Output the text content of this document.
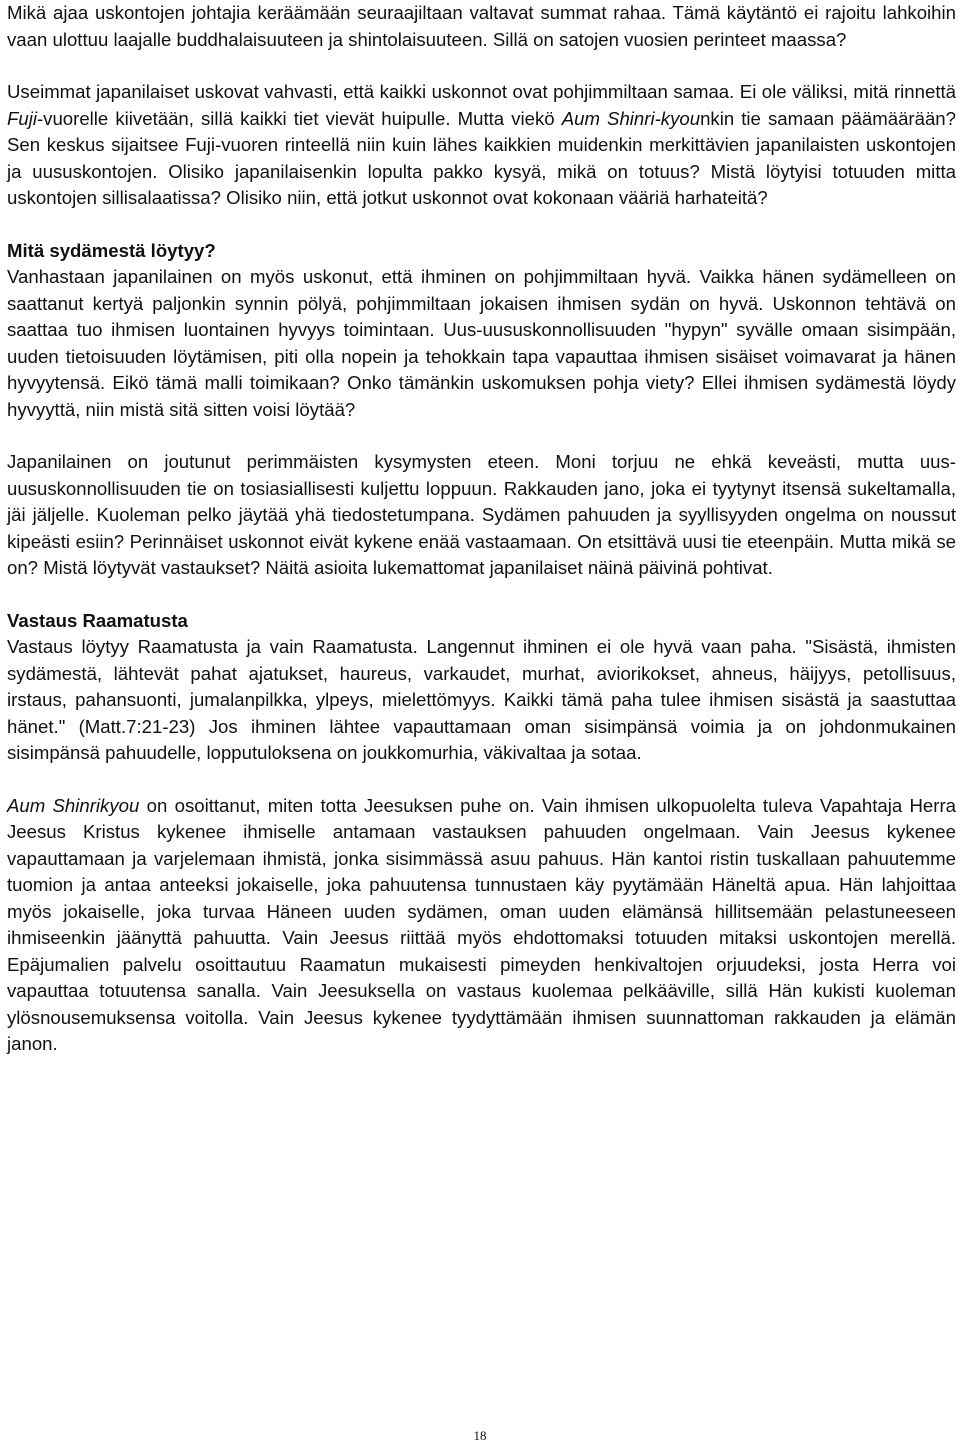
Mikä ajaa uskontojen johtajia keräämään seuraajiltaan valtavat summat rahaa. Tämä käytäntö ei rajoitu lahkoihin vaan ulottuu laajalle buddhalaisuuteen ja shintolaisuuteen. Sillä on satojen vuosien perinteet maassa?

Useimmat japanilaiset uskovat vahvasti, että kaikki uskonnot ovat pohjimmiltaan samaa. Ei ole väliksi, mitä rinnettä Fuji-vuorelle kiivetään, sillä kaikki tiet vievät huipulle. Mutta viekö Aum Shinri-kyounkin tie samaan päämäärään? Sen keskus sijaitsee Fuji-vuoren rinteellä niin kuin lähes kaikkien muidenkin merkittävien japanilaisten uskontojen ja uususkontojen. Olisiko japanilaisenkin lopulta pakko kysyä, mikä on totuus? Mistä löytyisi totuuden mitta uskontojen sillisalaatissa? Olisiko niin, että jotkut uskonnot ovat kokonaan vääriä harhateitä?

Mitä sydämestä löytyy?

Vanhastaan japanilainen on myös uskonut, että ihminen on pohjimmiltaan hyvä. Vaikka hänen sydämelleen on saattanut kertyä paljonkin synnin pölyä, pohjimmiltaan jokaisen ihmisen sydän on hyvä. Uskonnon tehtävä on saattaa tuo ihmisen luontainen hyvyys toimintaan. Uus-uususkonnollisuuden "hypyn" syvälle omaan sisimpään, uuden tietoisuuden löytämisen, piti olla nopein ja tehokkain tapa vapauttaa ihmisen sisäiset voimavarat ja hänen hyvyytensä. Eikö tämä malli toimikaan? Onko tämänkin uskomuksen pohja viety? Ellei ihmisen sydämestä löydy hyvyyttä, niin mistä sitä sitten voisi löytää?

Japanilainen on joutunut perimmäisten kysymysten eteen. Moni torjuu ne ehkä keveästi, mutta uus-uususkonnollisuuden tie on tosiasiallisesti kuljettu loppuun. Rakkauden jano, joka ei tyytynyt itsensä sukeltamalla, jäi jäljelle. Kuoleman pelko jäytää yhä tiedostetumpana. Sydämen pahuuden ja syyllisyyden ongelma on noussut kipeästi esiin? Perinnäiset uskonnot eivät kykene enää vastaamaan. On etsittävä uusi tie eteenpäin. Mutta mikä se on? Mistä löytyvät vastaukset? Näitä asioita lukemattomat japanilaiset näinä päivinä pohtivat.

Vastaus Raamatusta

Vastaus löytyy Raamatusta ja vain Raamatusta. Langennut ihminen ei ole hyvä vaan paha. "Sisästä, ihmisten sydämestä, lähtevät pahat ajatukset, haureus, varkaudet, murhat, aviorikokset, ahneus, häijyys, petollisuus, irstaus, pahansuonti, jumalanpilkka, ylpeys, mielettömyys. Kaikki tämä paha tulee ihmisen sisästä ja saastuttaa hänet." (Matt.7:21-23) Jos ihminen lähtee vapauttamaan oman sisimpänsä voimia ja on johdonmukainen sisimpänsä pahuudelle, lopputuloksena on joukkomurhia, väkivaltaa ja sotaa.

Aum Shinrikyou on osoittanut, miten totta Jeesuksen puhe on. Vain ihmisen ulkopuolelta tuleva Vapahtaja Herra Jeesus Kristus kykenee ihmiselle antamaan vastauksen pahuuden ongelmaan. Vain Jeesus kykenee vapauttamaan ja varjelemaan ihmistä, jonka sisimmässä asuu pahuus. Hän kantoi ristin tuskallaan pahuutemme tuomion ja antaa anteeksi jokaiselle, joka pahuutensa tunnustaen käy pyytämään Häneltä apua. Hän lahjoittaa myös jokaiselle, joka turvaa Häneen uuden sydämen, oman uuden elämänsä hillitsemään pelastuneeseen ihmiseenkin jäänyttä pahuutta. Vain Jeesus riittää myös ehdottomaksi totuuden mitaksi uskontojen merellä. Epäjumalien palvelu osoittautuu Raamatun mukaisesti pimeyden henkivaltojen orjuudeksi, josta Herra voi vapauttaa totuutensa sanalla. Vain Jeesuksella on vastaus kuolemaa pelkääville, sillä Hän kukisti kuoleman ylösnousemuksensa voitolla. Vain Jeesus kykenee tyydyttämään ihmisen suunnattoman rakkauden ja elämän janon.

18
